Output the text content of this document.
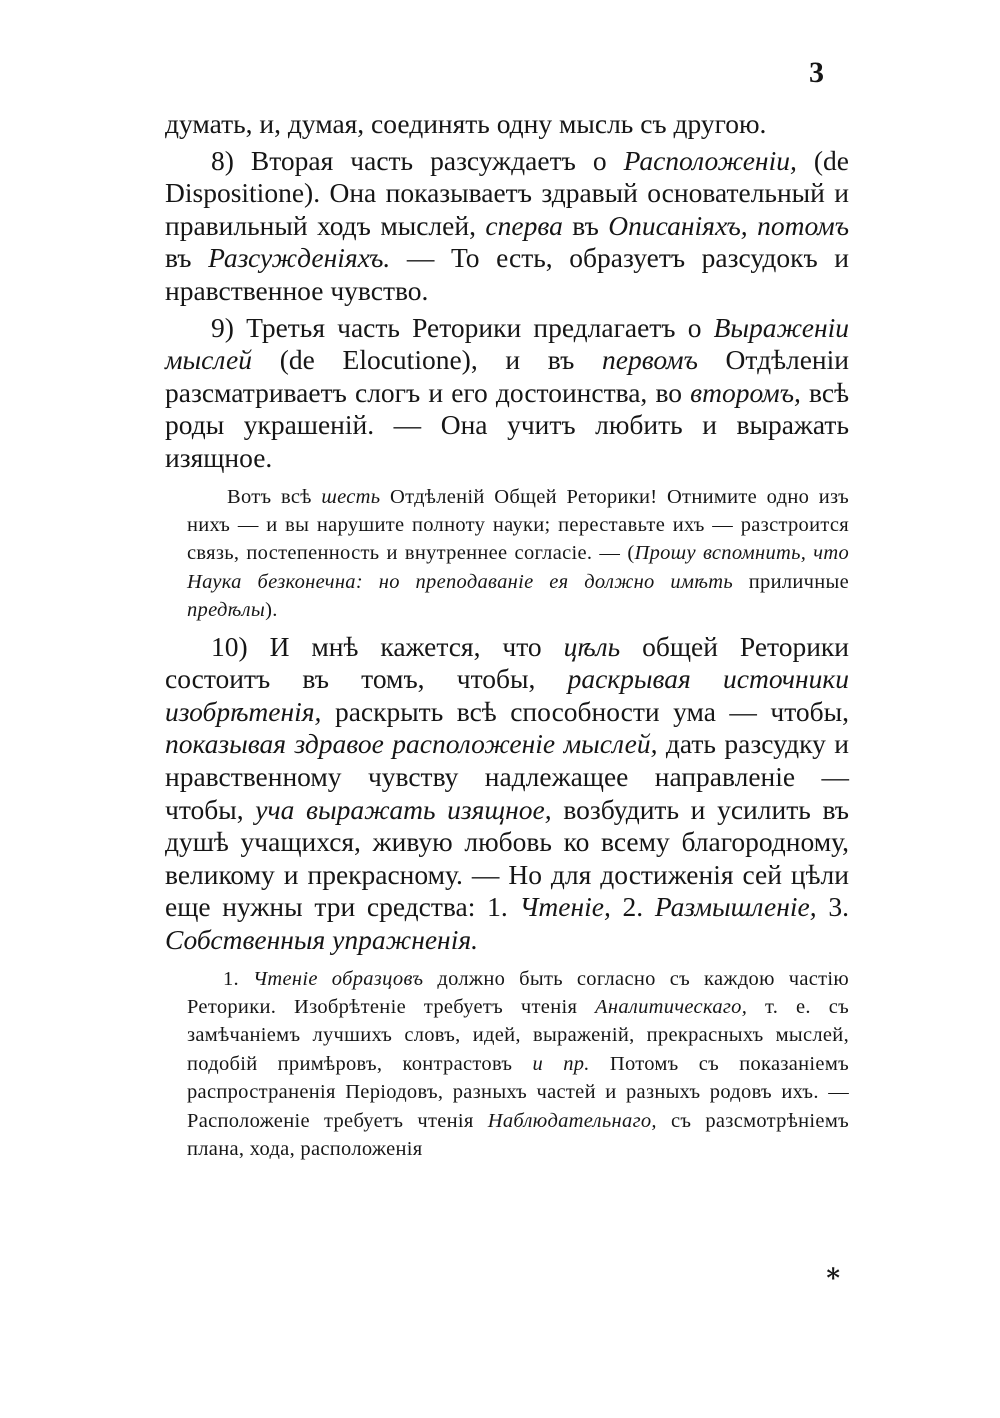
3

думать, и, думая, соединять одну мысль съ другою.

8) Вторая часть разсуждаетъ о Расположеніи, (de Dispositione). Она показываетъ здравый основательный и правильный ходъ мыслей, сперва въ Описаніяхъ, потомъ въ Разсужденіяхъ. — То есть, образуетъ разсудокъ и нравственное чувство.

9) Третья часть Реторики предлагаетъ о Выраженіи мыслей (de Elocutione), и въ первомъ Отдѣленіи разсматриваетъ слогъ и его достоинства, во второмъ, всѣ роды украшеній. — Она учитъ любить и выражать изящное.

Вотъ всѣ шесть Отдѣленій Общей Реторики! Отнимите одно изъ нихъ — и вы нарушите полноту науки; переставьте ихъ — разстроится связь, постепенность и внутреннее согласіе. — (Прошу вспомнить, что Наука безконечна: но преподаваніе ея должно имѣть приличные предѣлы).

10) И мнѣ кажется, что цѣль общей Реторики состоитъ въ томъ, чтобы, раскрывая источники изобрѣтенія, раскрыть всѣ способности ума — чтобы, показывая здравое расположеніе мыслей, дать разсудку и нравственному чувству надлежащее направленіе — чтобы, уча выражать изящное, возбудить и усилить въ душѣ учащихся, живую любовь ко всему благородному, великому и прекрасному. — Но для достиженія сей цѣли еще нужны три средства: 1. Чтеніе, 2. Размышленіе, 3. Собственныя упражненія.

1. Чтеніе образцовъ должно быть согласно съ каждою частію Реторики. Изобрѣтеніе требуетъ чтенія Аналитическаго, т. е. съ замѣчаніемъ лучшихъ словъ, идей, выраженій, прекрасныхъ мыслей, подобій примѣровъ, контрастовъ и пр. Потомъ съ показаніемъ распространенія Періодовъ, разныхъ частей и разныхъ родовъ ихъ. — Расположеніе требуетъ чтенія Наблюдательнаго, съ разсмотрѣніемъ плана, хода, расположенія

*
